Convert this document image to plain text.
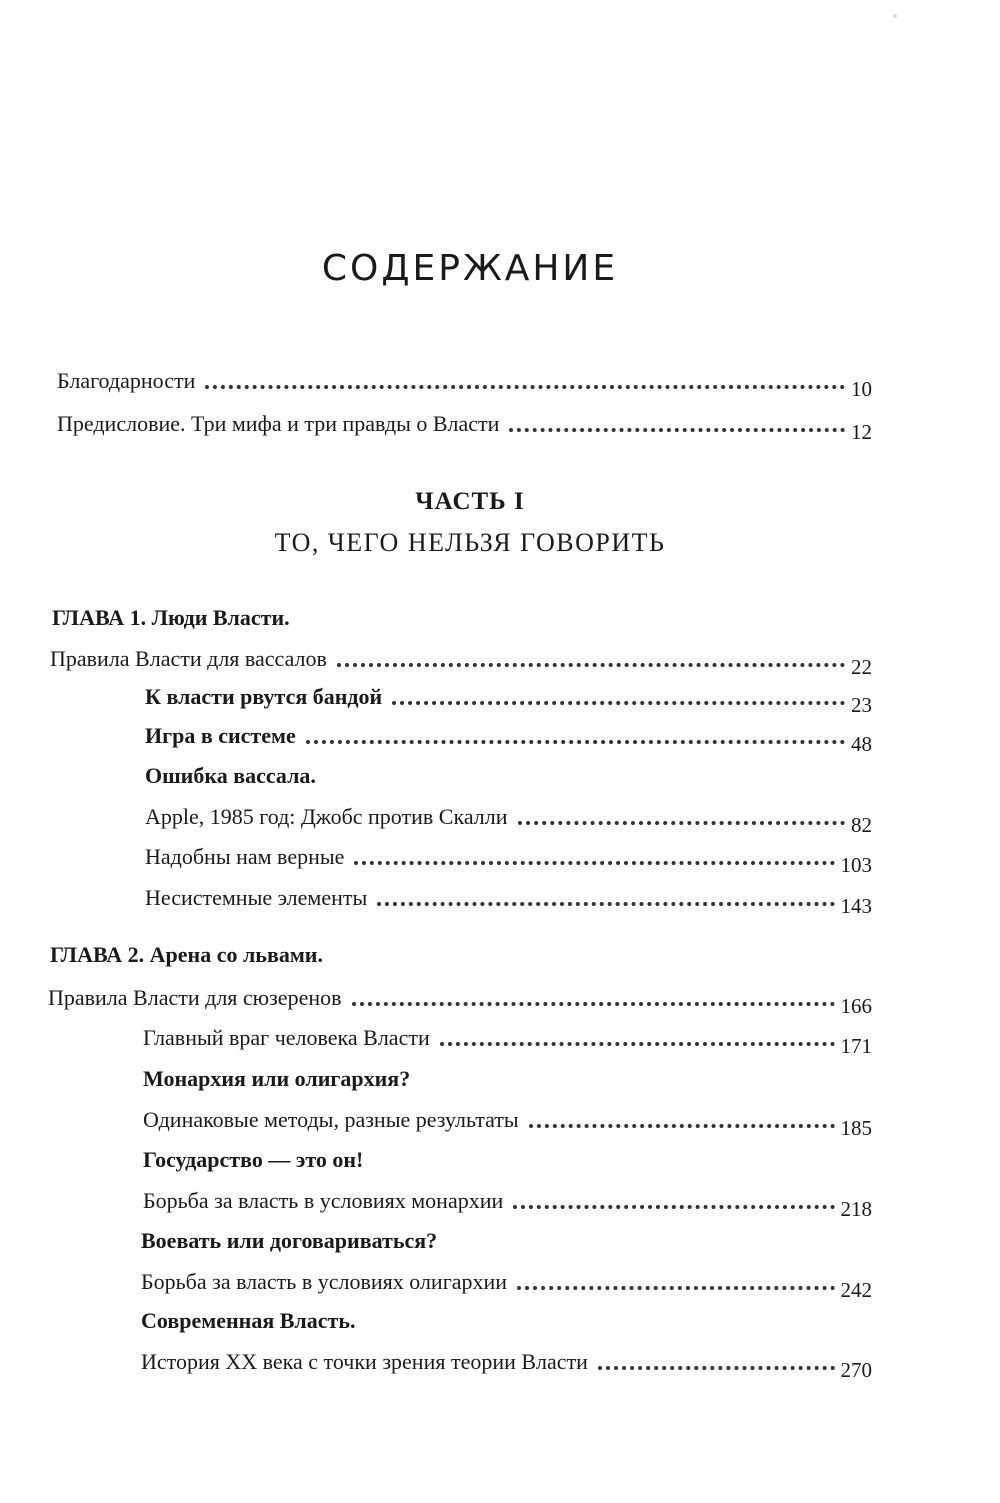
СОДЕРЖАНИЕ
Благодарности	10
Предисловие. Три мифа и три правды о Власти	12
ЧАСТЬ I
ТО, ЧЕГО НЕЛЬЗЯ ГОВОРИТЬ
ГЛАВА 1. Люди Власти.
Правила Власти для вассалов	22
К власти рвутся бандой	23
Игра в системе	48
Ошибка вассала.
Apple, 1985 год: Джобс против Скалли	82
Надобны нам верные	103
Несистемные элементы	143
ГЛАВА 2. Арена со львами.
Правила Власти для сюзеренов	166
Главный враг человека Власти	171
Монархия или олигархия?
Одинаковые методы, разные результаты	185
Государство — это он!
Борьба за власть в условиях монархии	218
Воевать или договариваться?
Борьба за власть в условиях олигархии	242
Современная Власть.
История XX века с точки зрения теории Власти	270
